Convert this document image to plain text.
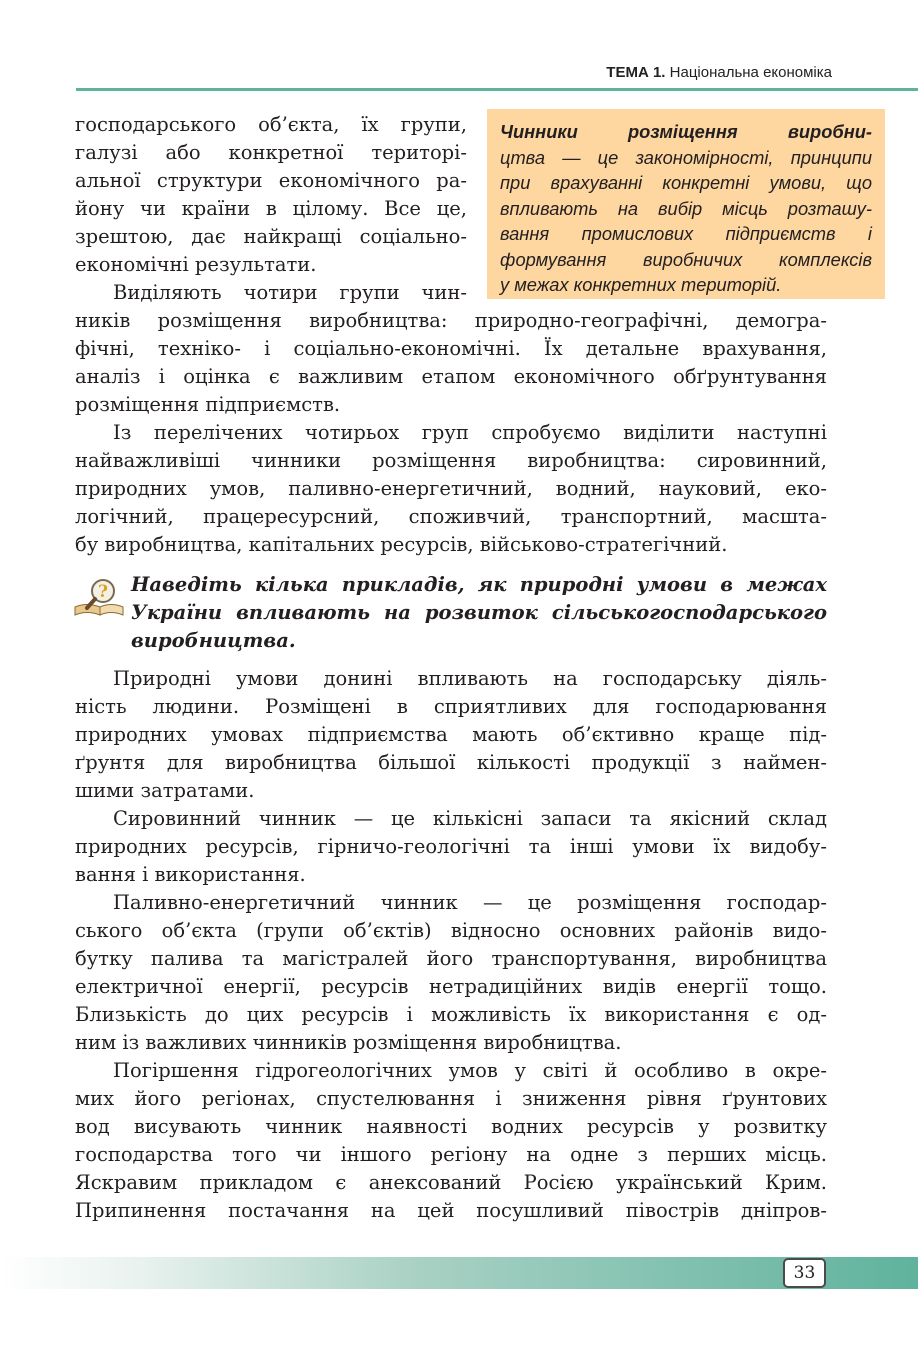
ТЕМА 1. Національна економіка
господарського об’єкта, їх групи,
галузі або конкретної територі-
альної структури економічного ра-
йону чи країни в цілому. Все це,
зрештою, дає найкращі соціально-
економічні результати.
Чинники розміщення виробни-
цтва — це закономірності, принципи
при врахуванні конкретні умови, що
впливають на вибір місць розташу-
вання промислових підприємств і
формування виробничих комплексів
у межах конкретних територій.
Виділяють чотири групи чин-
ників розміщення виробництва: природно-географічні, демогра-
фічні, техніко- і соціально-економічні. Їх детальне врахування,
аналіз і оцінка є важливим етапом економічного обґрунтування
розміщення підприємств.
Із перелічених чотирьох груп спробуємо виділити наступні
найважливіші чинники розміщення виробництва: сировинний,
природних умов, паливно-енергетичний, водний, науковий, еко-
логічний, працересурсний, споживчий, транспортний, масшта-
бу виробництва, капітальних ресурсів, військово-стратегічний.
? Наведіть кілька прикладів, як природні умови в межах
України впливають на розвиток сільськогосподарського
виробництва.
Природні умови донині впливають на господарську діяль-
ність людини. Розміщені в сприятливих для господарювання
природних умовах підприємства мають об’єктивно краще під-
ґрунтя для виробництва більшої кількості продукції з наймен-
шими затратами.
Сировинний чинник — це кількісні запаси та якісний склад
природних ресурсів, гірничо-геологічні та інші умови їх видобу-
вання і використання.
Паливно-енергетичний чинник — це розміщення господар-
ського об’єкта (групи об’єктів) відносно основних районів видо-
бутку палива та магістралей його транспортування, виробництва
електричної енергії, ресурсів нетрадиційних видів енергії тощо.
Близькість до цих ресурсів і можливість їх використання є од-
ним із важливих чинників розміщення виробництва.
Погіршення гідрогеологічних умов у світі й особливо в окре-
мих його регіонах, спустелювання і зниження рівня ґрунтових
вод висувають чинник наявності водних ресурсів у розвитку
господарства того чи іншого регіону на одне з перших місць.
Яскравим прикладом є анексований Росією український Крим.
Припинення постачання на цей посушливий півострів дніпров-
33
